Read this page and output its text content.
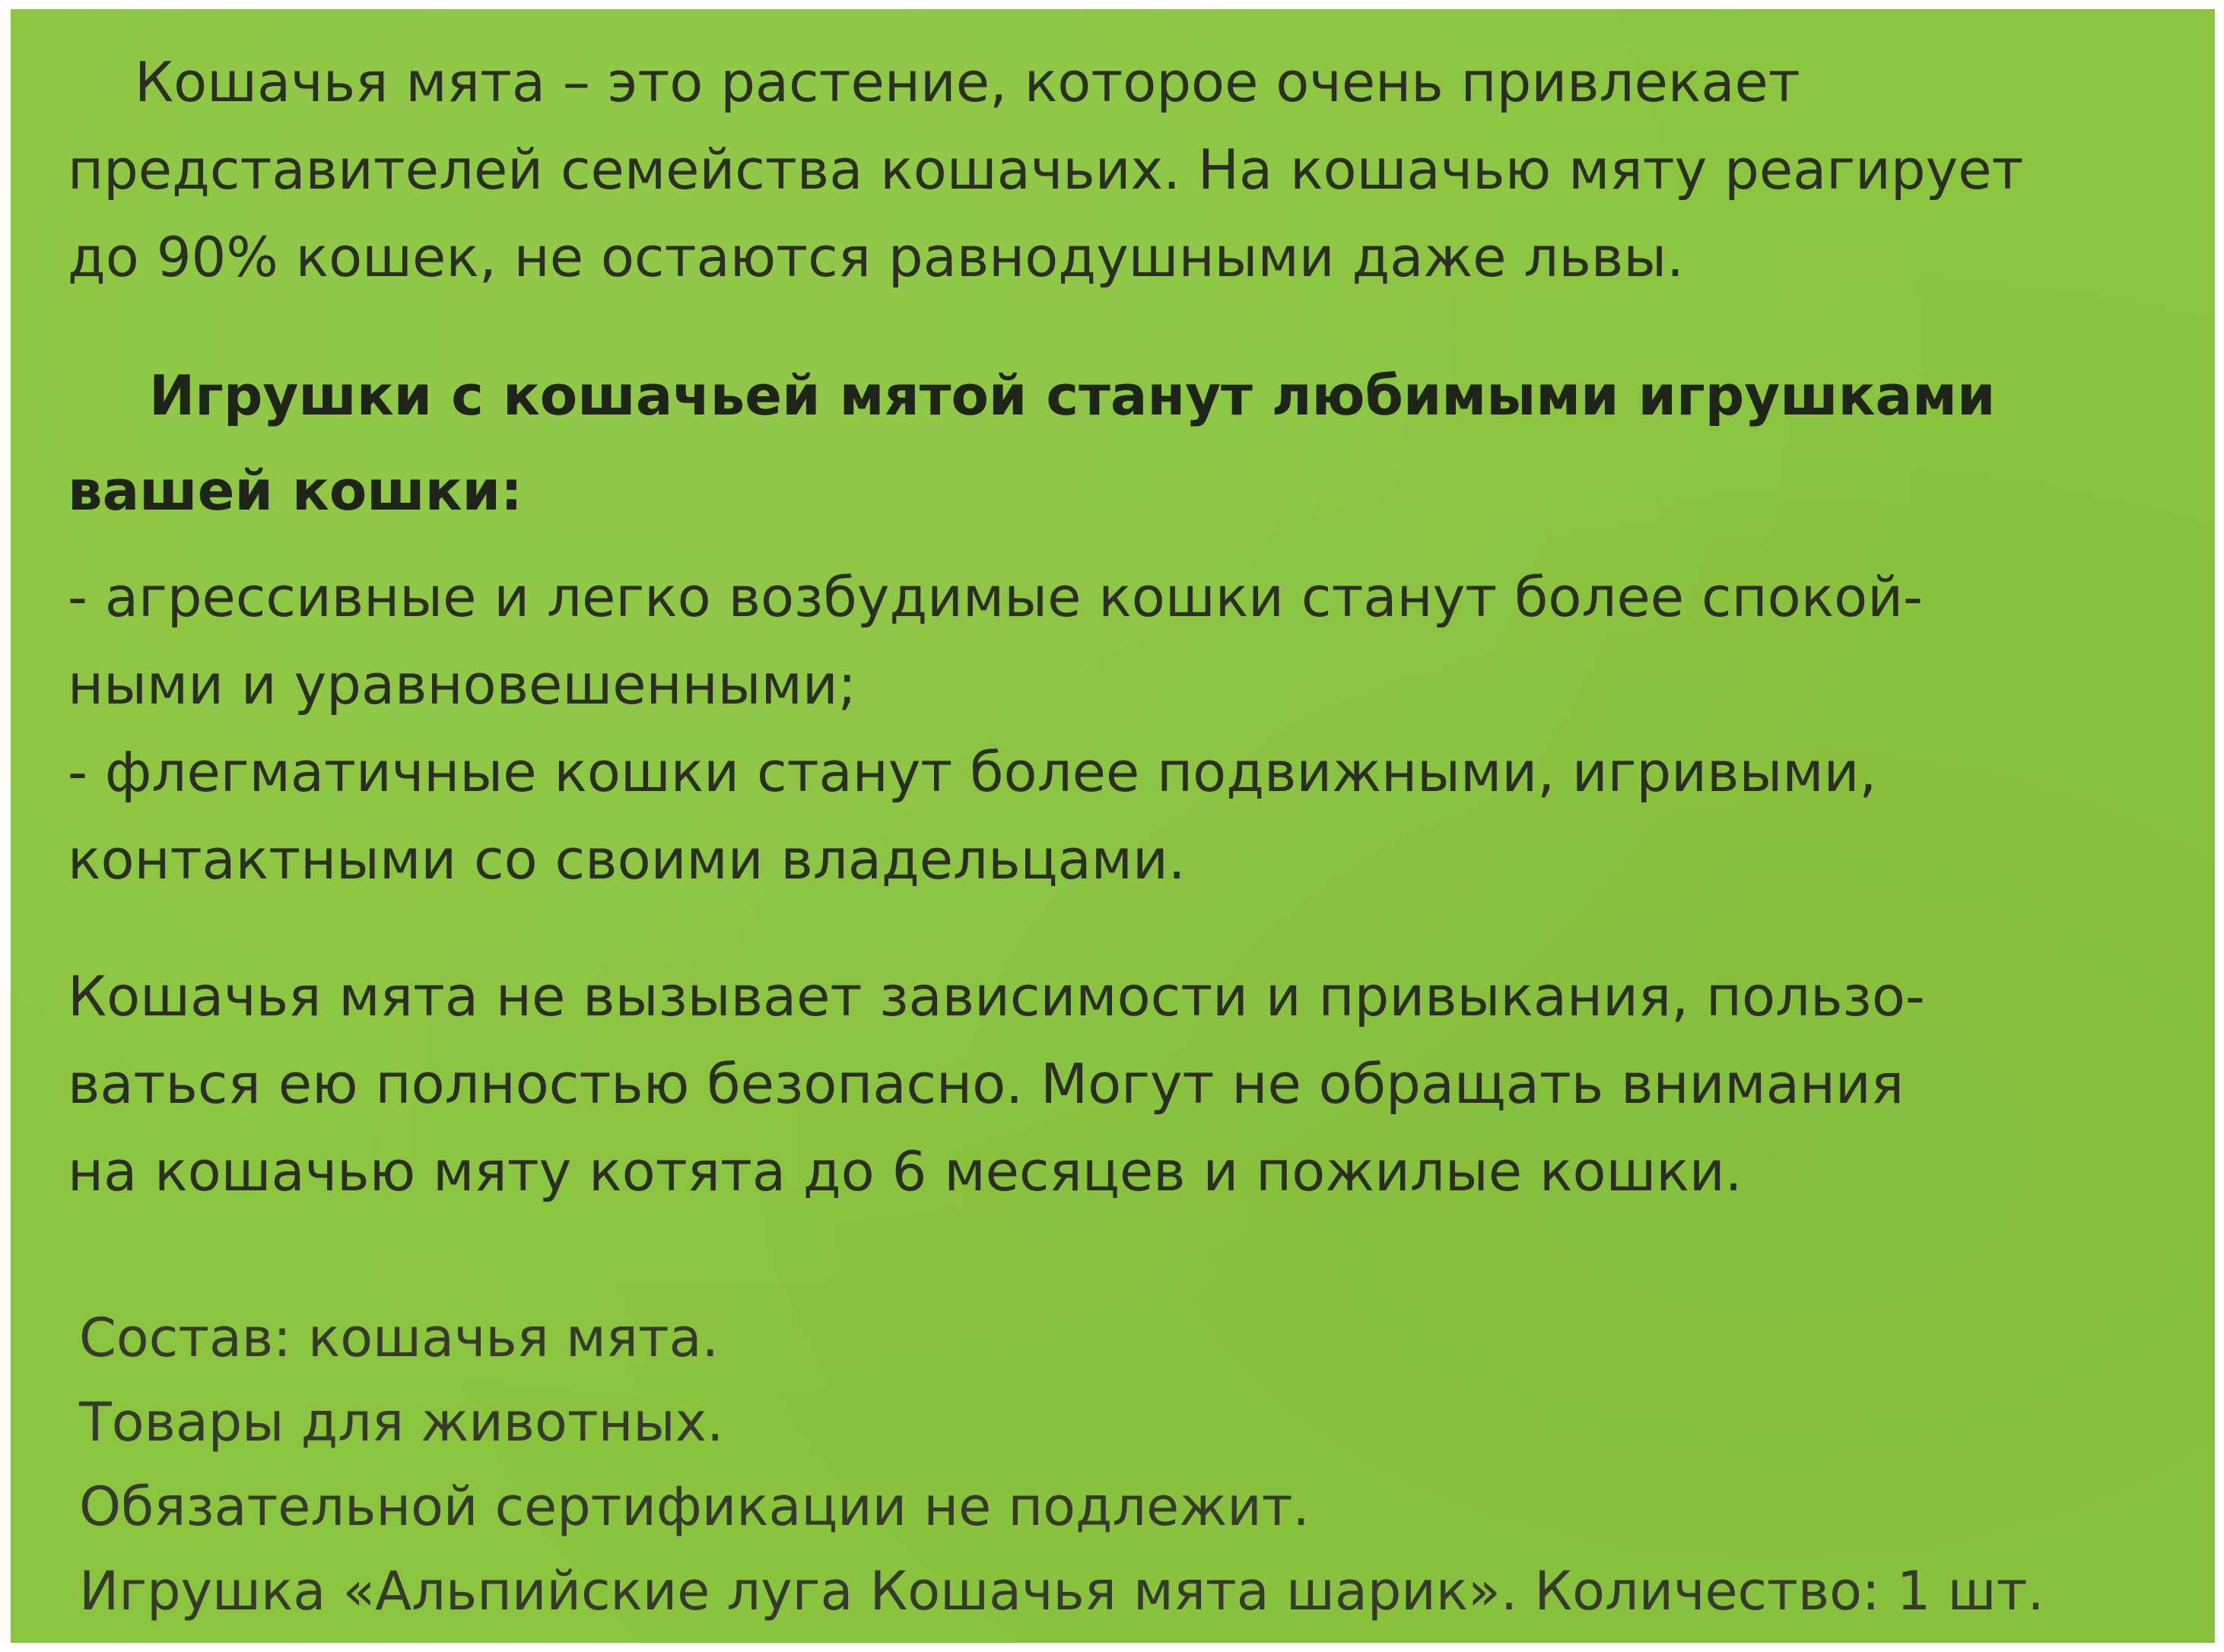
Кошачья мята – это растение, которое очень привлекает

представителей семейства кошачьих. На кошачью мяту реагирует

до 90% кошек, не остаются равнодушными даже львы.

Игрушки с кошачьей мятой станут любимыми игрушками

вашей кошки:

- агрессивные и легко возбудимые кошки станут более спокой-

ными и уравновешенными;

- флегматичные кошки станут более подвижными, игривыми,

контактными со своими владельцами.

Кошачья мята не вызывает зависимости и привыкания, пользо-

ваться ею полностью безопасно. Могут не обращать внимания

на кошачью мяту котята до 6 месяцев и пожилые кошки.

Состав: кошачья мята.

Товары для животных.

Обязательной сертификации не подлежит.

Игрушка «Альпийские луга Кошачья мята шарик». Количество: 1 шт.
